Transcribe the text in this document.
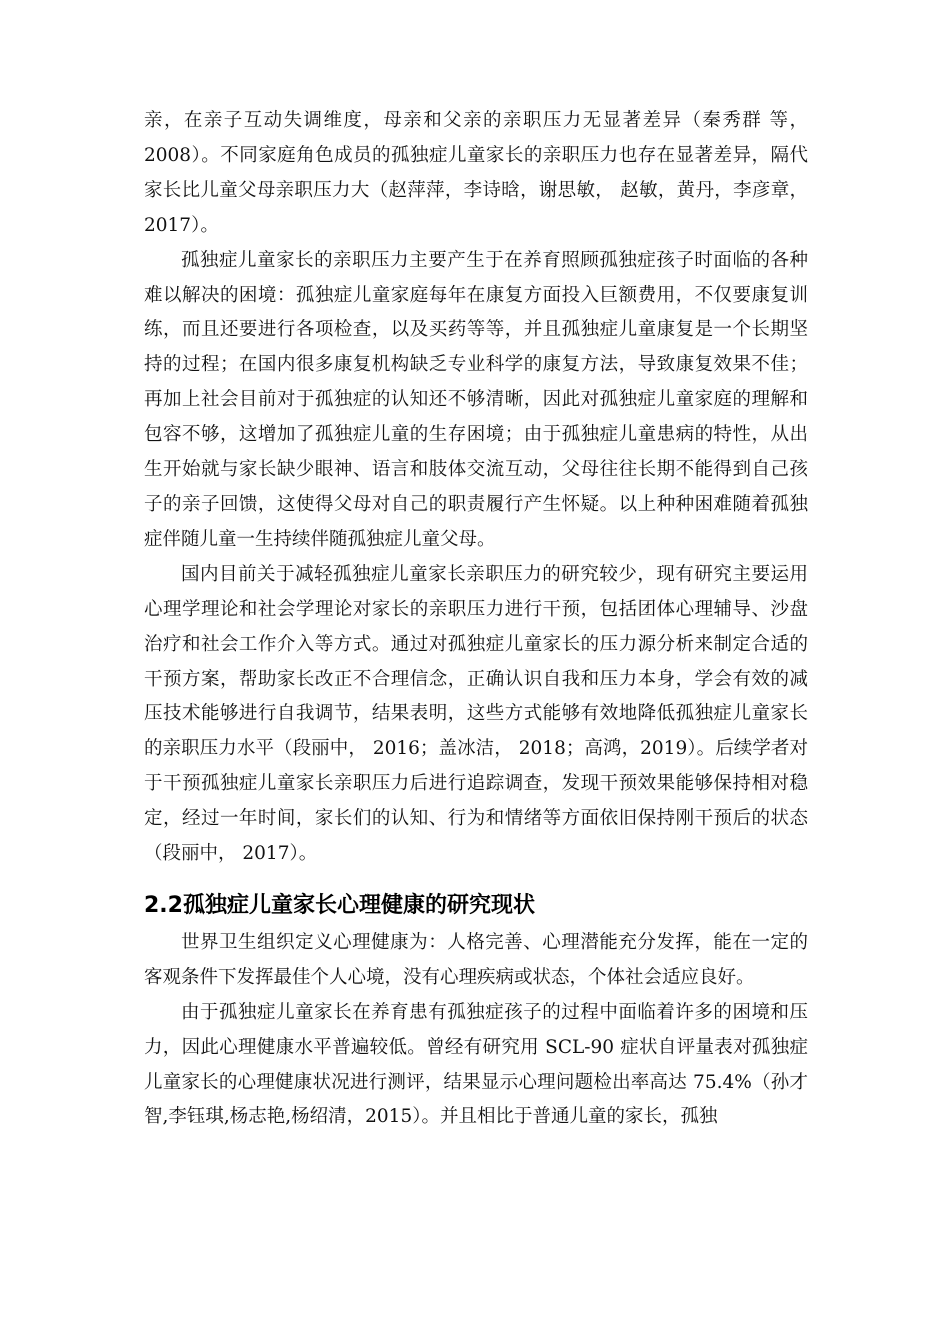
亲，在亲子互动失调维度，母亲和父亲的亲职压力无显著差异（秦秀群 等，2008）。不同家庭角色成员的孤独症儿童家长的亲职压力也存在显著差异，隔代家长比儿童父母亲职压力大（赵萍萍，李诗晗，谢思敏， 赵敏，黄丹，李彦章，2017）。

孤独症儿童家长的亲职压力主要产生于在养育照顾孤独症孩子时面临的各种难以解决的困境：孤独症儿童家庭每年在康复方面投入巨额费用，不仅要康复训练，而且还要进行各项检查，以及买药等等，并且孤独症儿童康复是一个长期坚持的过程；在国内很多康复机构缺乏专业科学的康复方法，导致康复效果不佳；再加上社会目前对于孤独症的认知还不够清晰，因此对孤独症儿童家庭的理解和包容不够，这增加了孤独症儿童的生存困境；由于孤独症儿童患病的特性，从出生开始就与家长缺少眼神、语言和肢体交流互动，父母往往长期不能得到自己孩子的亲子回馈，这使得父母对自己的职责履行产生怀疑。以上种种困难随着孤独症伴随儿童一生持续伴随孤独症儿童父母。

国内目前关于减轻孤独症儿童家长亲职压力的研究较少，现有研究主要运用心理学理论和社会学理论对家长的亲职压力进行干预，包括团体心理辅导、沙盘治疗和社会工作介入等方式。通过对孤独症儿童家长的压力源分析来制定合适的干预方案，帮助家长改正不合理信念，正确认识自我和压力本身，学会有效的减压技术能够进行自我调节，结果表明，这些方式能够有效地降低孤独症儿童家长的亲职压力水平（段丽中， 2016；盖冰洁， 2018；高鸿，2019）。后续学者对于干预孤独症儿童家长亲职压力后进行追踪调查，发现干预效果能够保持相对稳定，经过一年时间，家长们的认知、行为和情绪等方面依旧保持刚干预后的状态（段丽中， 2017）。

2.2孤独症儿童家长心理健康的研究现状

世界卫生组织定义心理健康为：人格完善、心理潜能充分发挥，能在一定的客观条件下发挥最佳个人心境，没有心理疾病或状态，个体社会适应良好。

由于孤独症儿童家长在养育患有孤独症孩子的过程中面临着许多的困境和压力，因此心理健康水平普遍较低。曾经有研究用 SCL-90 症状自评量表对孤独症儿童家长的心理健康状况进行测评，结果显示心理问题检出率高达 75.4%（孙才智,李钰琪,杨志艳,杨绍清，2015）。并且相比于普通儿童的家长，孤独
